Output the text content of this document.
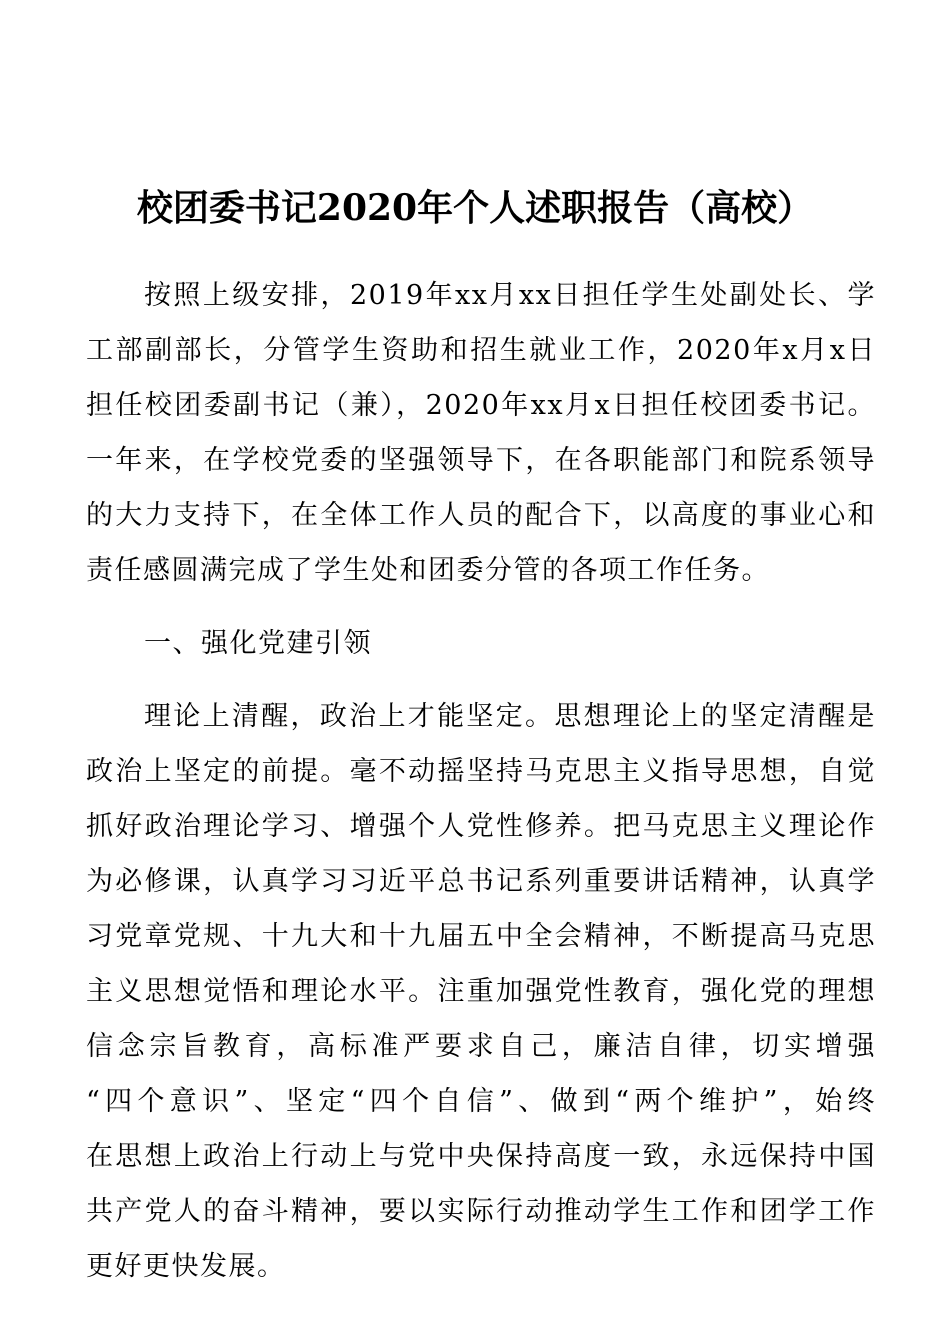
校团委书记2020年个人述职报告（高校）
按照上级安排，2019年xx月xx日担任学生处副处长、学
工部副部长，分管学生资助和招生就业工作，2020年x月x日
担任校团委副书记（兼），2020年xx月x日担任校团委书记。
一年来，在学校党委的坚强领导下，在各职能部门和院系领导
的大力支持下，在全体工作人员的配合下，以高度的事业心和
责任感圆满完成了学生处和团委分管的各项工作任务。
一、强化党建引领
理论上清醒，政治上才能坚定。思想理论上的坚定清醒是
政治上坚定的前提。毫不动摇坚持马克思主义指导思想，自觉
抓好政治理论学习、增强个人党性修养。把马克思主义理论作
为必修课，认真学习习近平总书记系列重要讲话精神，认真学
习党章党规、十九大和十九届五中全会精神，不断提高马克思
主义思想觉悟和理论水平。注重加强党性教育，强化党的理想
信念宗旨教育，高标准严要求自己，廉洁自律，切实增强
“四个意识”、坚定“四个自信”、做到“两个维护”，始终
在思想上政治上行动上与党中央保持高度一致，永远保持中国
共产党人的奋斗精神，要以实际行动推动学生工作和团学工作
更好更快发展。
